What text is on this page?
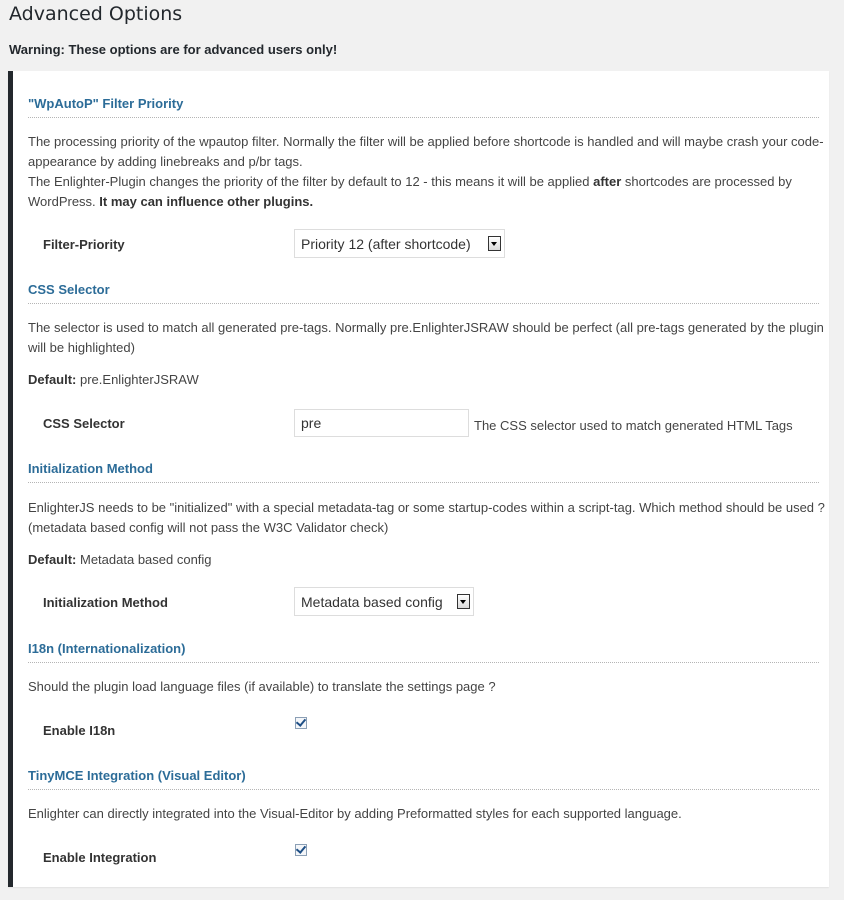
Advanced Options
Warning: These options are for advanced users only!
"WpAutoP" Filter Priority
The processing priority of the wpautop filter. Normally the filter will be applied before shortcode is handled and will maybe crash your code-appearance by adding linebreaks and p/br tags.
The Enlighter-Plugin changes the priority of the filter by default to 12 - this means it will be applied after shortcodes are processed by WordPress. It may can influence other plugins.
Filter-Priority	Priority 12 (after shortcode)
CSS Selector
The selector is used to match all generated pre-tags. Normally pre.EnlighterJSRAW should be perfect (all pre-tags generated by the plugin will be highlighted)
Default: pre.EnlighterJSRAW
CSS Selector	pre	The CSS selector used to match generated HTML Tags
Initialization Method
EnlighterJS needs to be "initialized" with a special metadata-tag or some startup-codes within a script-tag. Which method should be used ? (metadata based config will not pass the W3C Validator check)
Default: Metadata based config
Initialization Method	Metadata based config
I18n (Internationalization)
Should the plugin load language files (if available) to translate the settings page ?
Enable I18n
TinyMCE Integration (Visual Editor)
Enlighter can directly integrated into the Visual-Editor by adding Preformatted styles for each supported language.
Enable Integration
